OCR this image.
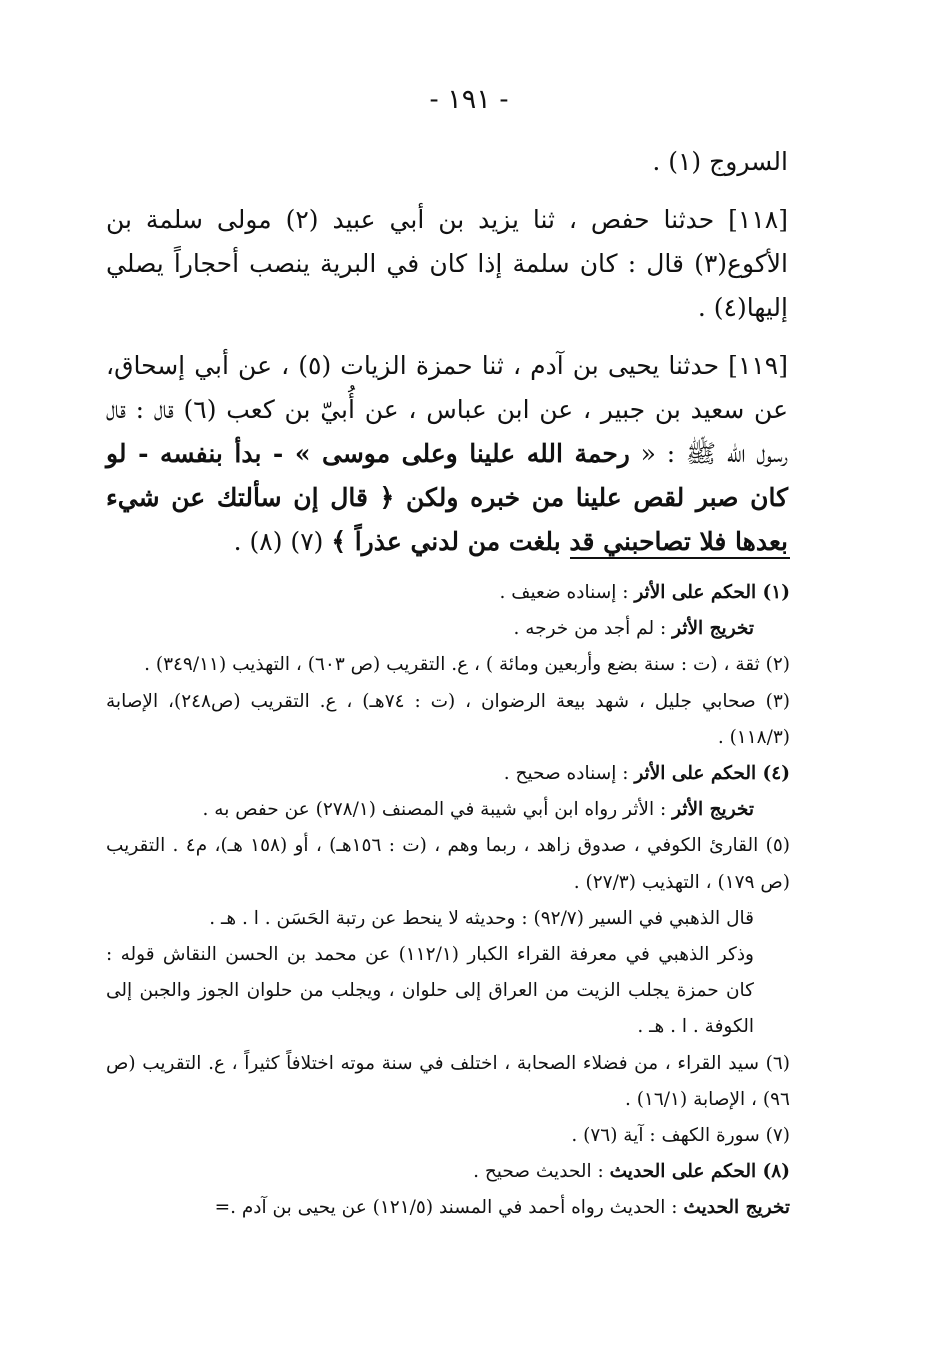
- ١٩١ -

السروج (١) .

[١١٨] حدثنا حفص ، ثنا يزيد بن أبي عبيد (٢) مولى سلمة بن الأكوع(٣) قال : كان سلمة إذا كان في البرية ينصب أحجاراً يصلي إليها(٤) .

[١١٩] حدثنا يحيى بن آدم ، ثنا حمزة الزيات (٥) ، عن أبي إسحاق، عن سعيد بن جبير ، عن ابن عباس ، عن أُبيّ بن كعب (٦) قال : قال رسول الله ﷺ : « رحمة الله علينا وعلى موسى » - بدأ بنفسه - لو كان صبر لقص علينا من خبره ولكن ﴿ قال إن سألتك عن شيء بعدها فلا تصاحبني قد بلغت من لدني عذراً ﴾ (٧) (٨) .

(١) الحكم على الأثر : إسناده ضعيف .

تخريج الأثر : لم أجد من خرجه .

(٢) ثقة ، (ت : سنة بضع وأربعين ومائة ) ، ع. التقريب (ص ٦٠٣) ، التهذيب (٣٤٩/١١) .

(٣) صحابي جليل ، شهد بيعة الرضوان ، (ت : ٧٤هـ) ، ع. التقريب (ص٢٤٨)، الإصابة (١١٨/٣) .

(٤) الحكم على الأثر : إسناده صحيح .

تخريج الأثر : الأثر رواه ابن أبي شيبة في المصنف (٢٧٨/١) عن حفص به .

(٥) القارئ الكوفي ، صدوق زاهد ، ربما وهم ، (ت : ١٥٦هـ) ، أو (١٥٨ هـ)، م٤ . التقريب (ص ١٧٩) ، التهذيب (٢٧/٣) .

قال الذهبي في السير (٩٢/٧) : وحديثه لا ينحط عن رتبة الحَسَن . ا . هـ .

وذكر الذهبي في معرفة القراء الكبار (١١٢/١) عن محمد بن الحسن النقاش قوله : كان حمزة يجلب الزيت من العراق إلى حلوان ، ويجلب من حلوان الجوز والجبن إلى الكوفة . ا . هـ .

(٦) سيد القراء ، من فضلاء الصحابة ، اختلف في سنة موته اختلافاً كثيراً ، ع. التقريب (ص ٩٦) ، الإصابة (١٦/١) .

(٧) سورة الكهف : آية (٧٦) .

(٨) الحكم على الحديث : الحديث صحيح .

تخريج الحديث : الحديث رواه أحمد في المسند (١٢١/٥) عن يحيى بن آدم .=
